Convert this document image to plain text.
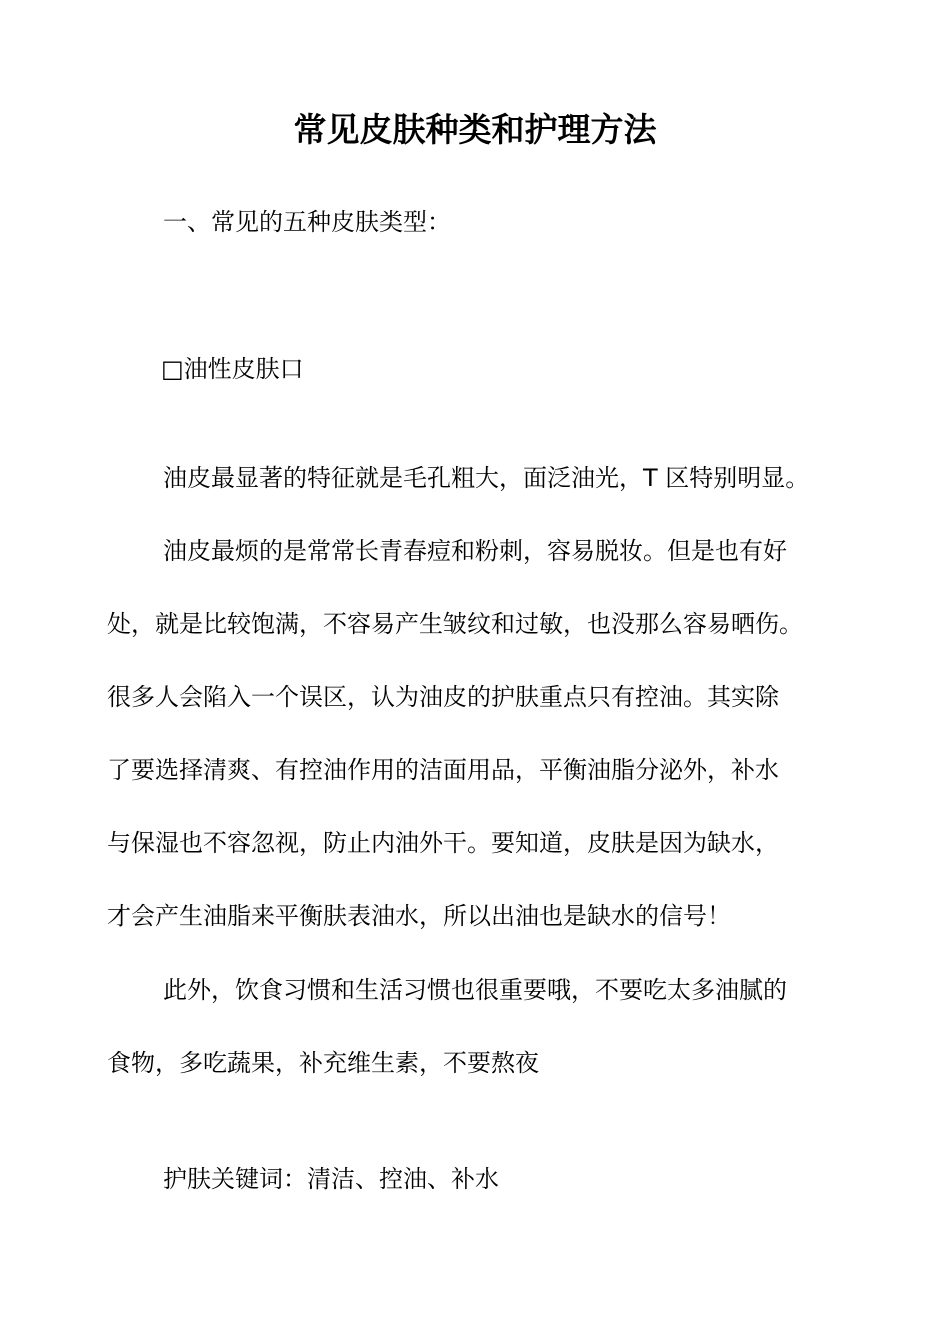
常见皮肤种类和护理方法
一、常见的五种皮肤类型：
□油性皮肤口
油皮最显著的特征就是毛孔粗大，面泛油光，T 区特别明显。
油皮最烦的是常常长青春痘和粉刺，容易脱妆。但是也有好
处，就是比较饱满，不容易产生皱纹和过敏，也没那么容易晒伤。
很多人会陷入一个误区，认为油皮的护肤重点只有控油。其实除
了要选择清爽、有控油作用的洁面用品，平衡油脂分泌外，补水
与保湿也不容忽视，防止内油外干。要知道，皮肤是因为缺水，
才会产生油脂来平衡肤表油水，所以出油也是缺水的信号！
此外，饮食习惯和生活习惯也很重要哦，不要吃太多油腻的
食物，多吃蔬果，补充维生素，不要熬夜
护肤关键词：清洁、控油、补水
